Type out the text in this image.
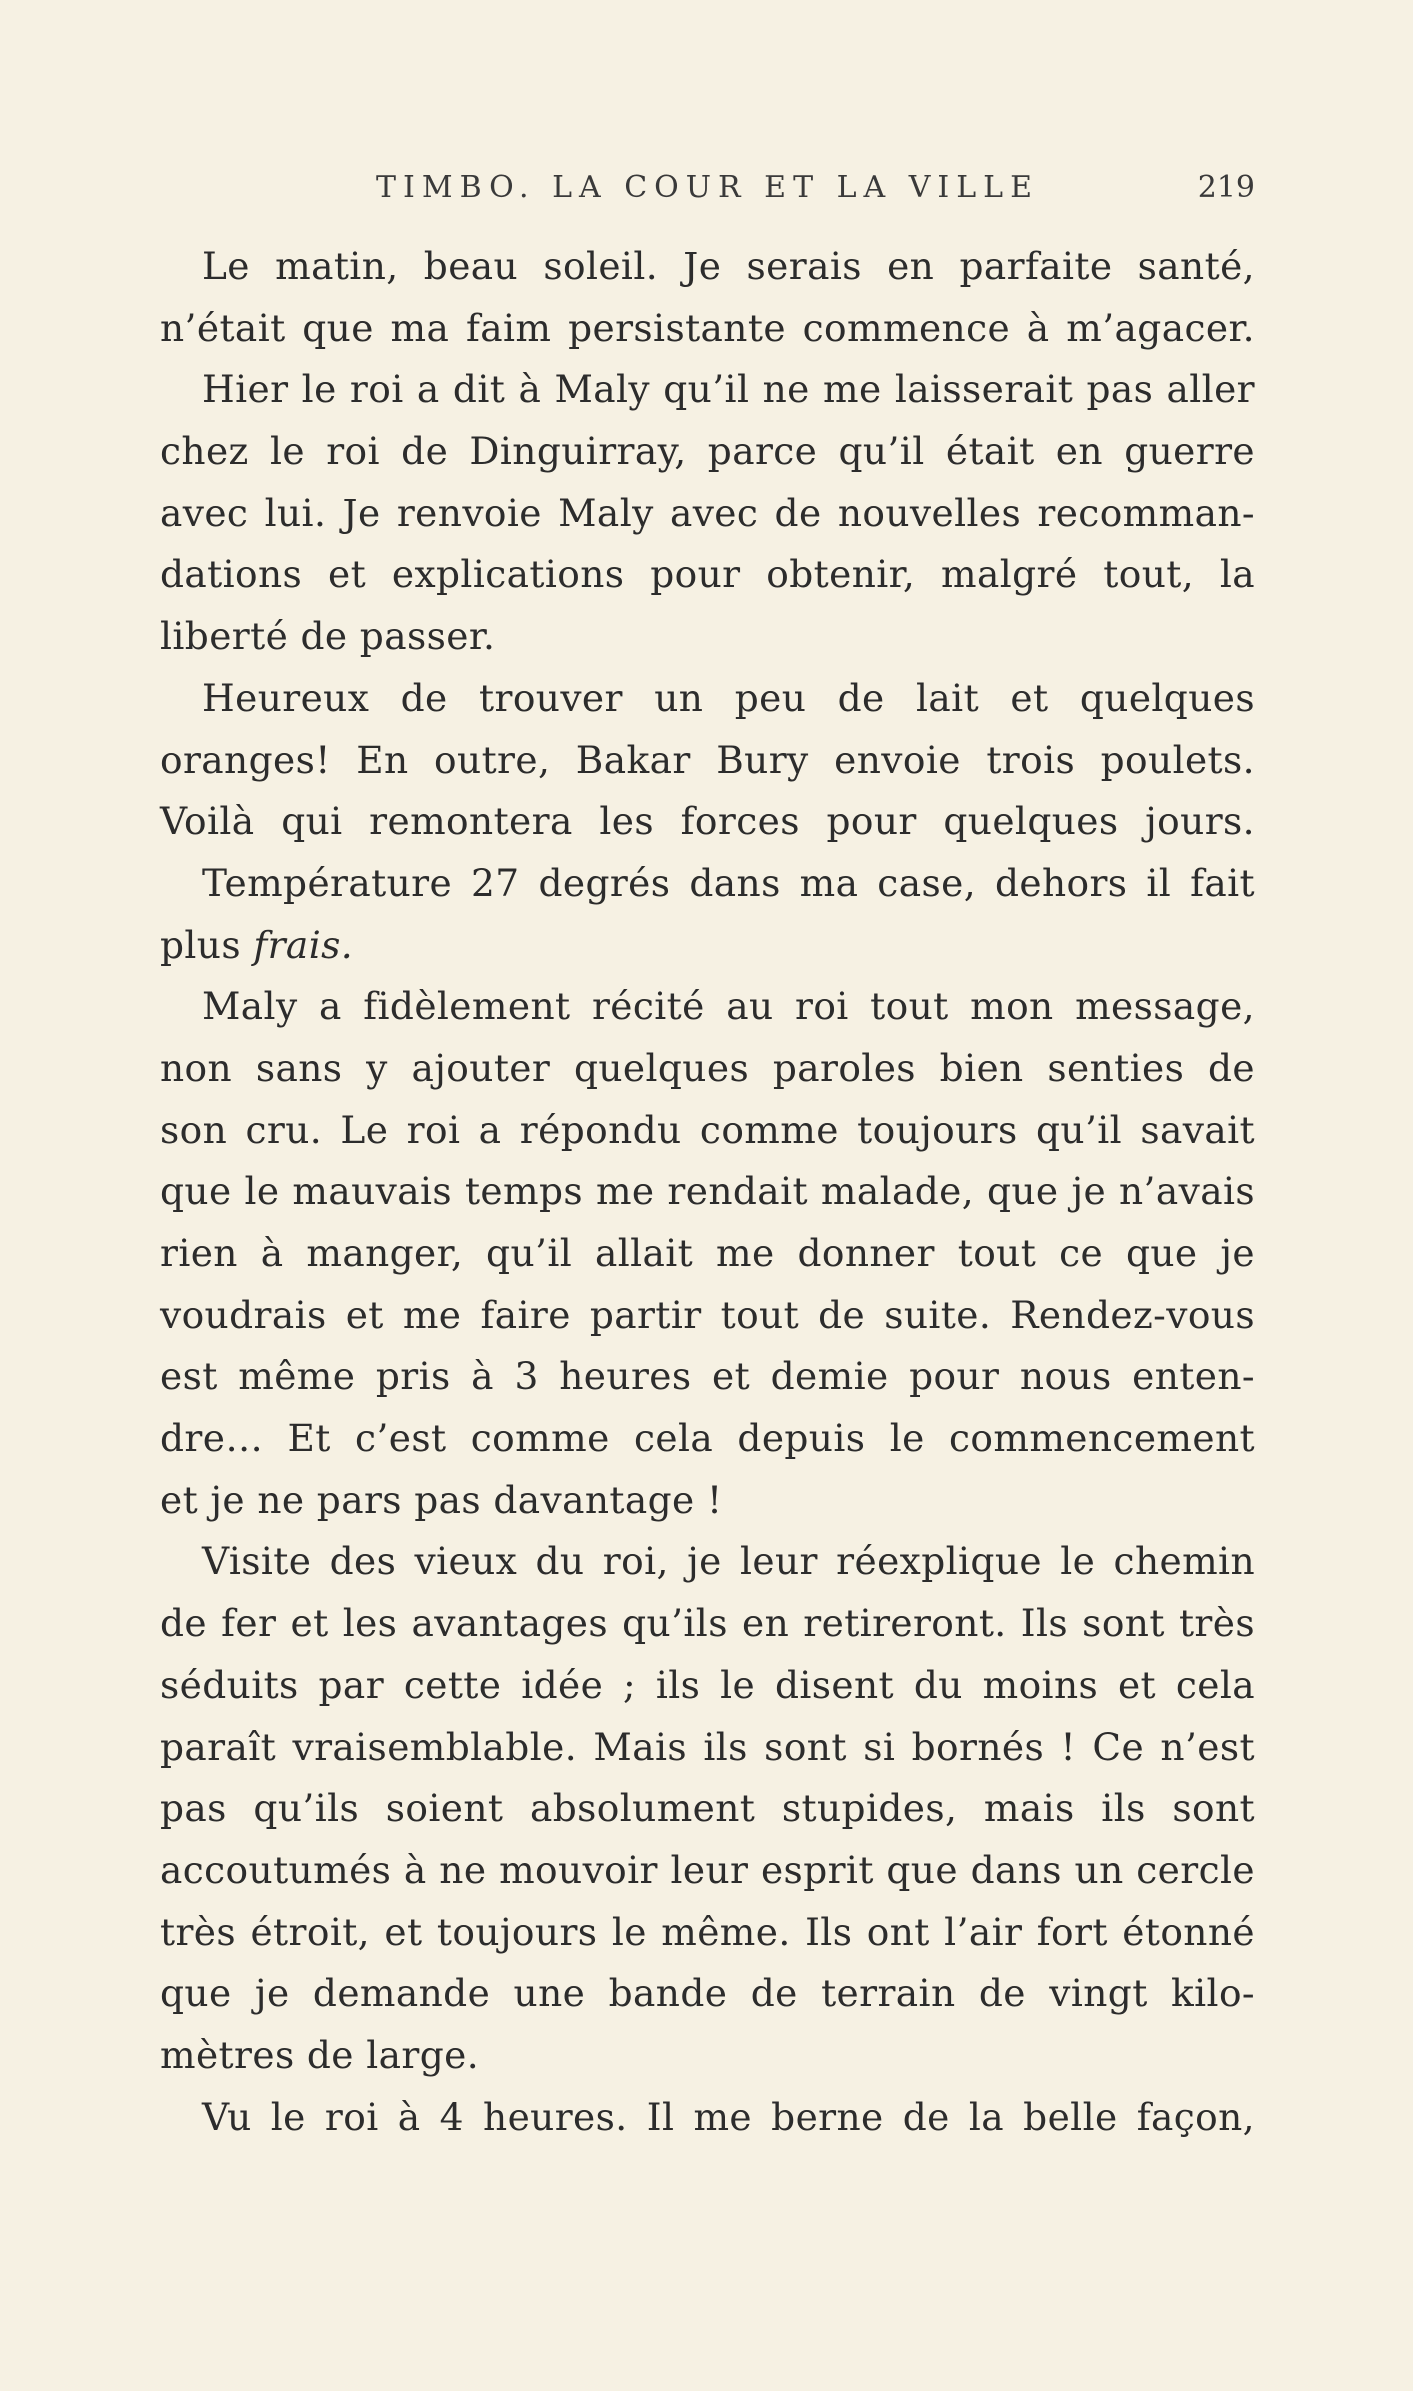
TIMBO. LA COUR ET LA VILLE	219
Le matin, beau soleil. Je serais en parfaite santé,
n’était que ma faim persistante commence à m’agacer.
Hier le roi a dit à Maly qu’il ne me laisserait pas aller
chez le roi de Dinguirray, parce qu’il était en guerre
avec lui. Je renvoie Maly avec de nouvelles recomman-
dations et explications pour obtenir, malgré tout, la
liberté de passer.
Heureux de trouver un peu de lait et quelques
oranges! En outre, Bakar Bury envoie trois poulets.
Voilà qui remontera les forces pour quelques jours.
Température 27 degrés dans ma case, dehors il fait
plus frais.
Maly a fidèlement récité au roi tout mon message,
non sans y ajouter quelques paroles bien senties de
son cru. Le roi a répondu comme toujours qu’il savait
que le mauvais temps me rendait malade, que je n’avais
rien à manger, qu’il allait me donner tout ce que je
voudrais et me faire partir tout de suite. Rendez-vous
est même pris à 3 heures et demie pour nous enten-
dre… Et c’est comme cela depuis le commencement
et je ne pars pas davantage !
Visite des vieux du roi, je leur réexplique le chemin
de fer et les avantages qu’ils en retireront. Ils sont très
séduits par cette idée ; ils le disent du moins et cela
paraît vraisemblable. Mais ils sont si bornés ! Ce n’est
pas qu’ils soient absolument stupides, mais ils sont
accoutumés à ne mouvoir leur esprit que dans un cercle
très étroit, et toujours le même. Ils ont l’air fort étonné
que je demande une bande de terrain de vingt kilo-
mètres de large.
Vu le roi à 4 heures. Il me berne de la belle façon,
